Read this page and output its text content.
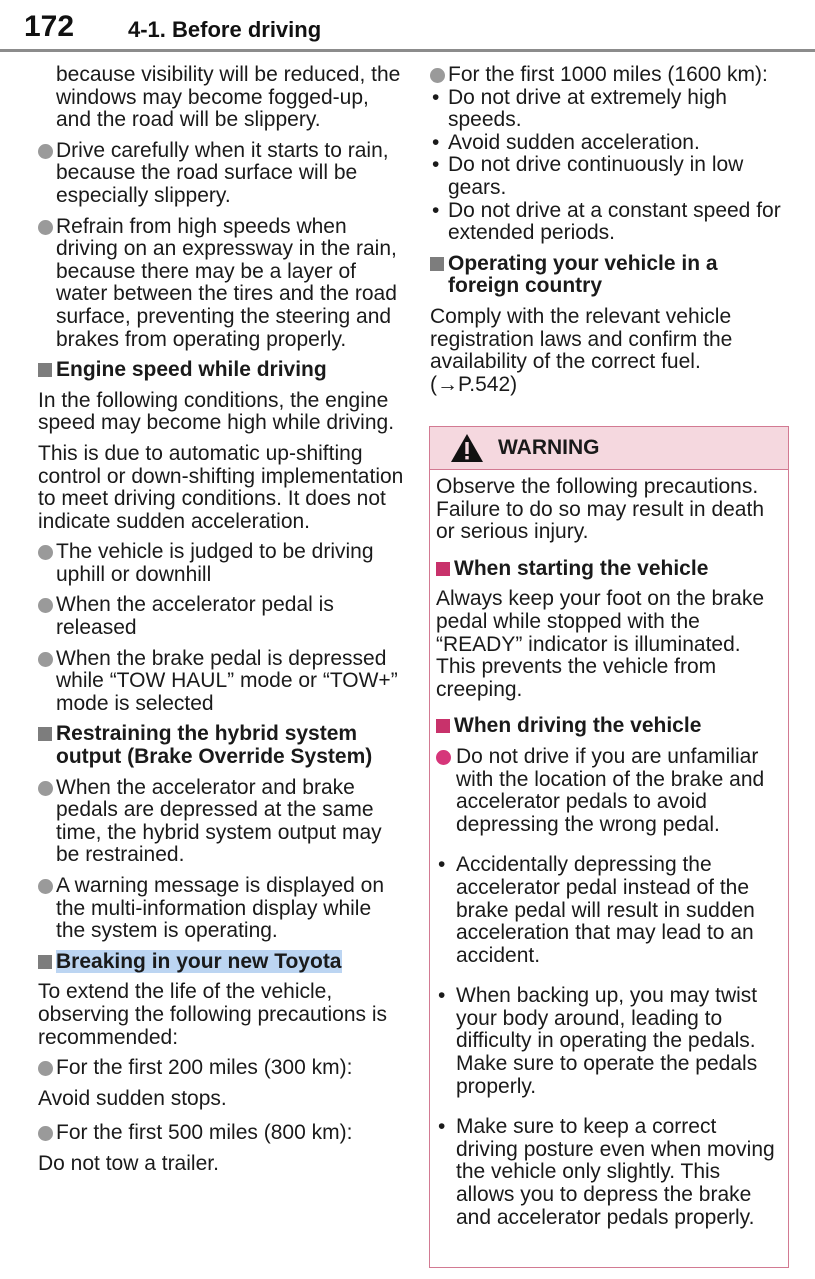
172 4-1. Before driving

because visibility will be reduced, the windows may become fogged-up, and the road will be slippery.

Drive carefully when it starts to rain, because the road surface will be especially slippery.

Refrain from high speeds when driving on an expressway in the rain, because there may be a layer of water between the tires and the road surface, preventing the steering and brakes from operating properly.

Engine speed while driving

In the following conditions, the engine speed may become high while driving.

This is due to automatic up-shifting control or down-shifting implementation to meet driving conditions. It does not indicate sudden acceleration.

The vehicle is judged to be driving uphill or downhill

When the accelerator pedal is released

When the brake pedal is depressed while “TOW HAUL” mode or “TOW+” mode is selected

Restraining the hybrid system output (Brake Override System)

When the accelerator and brake pedals are depressed at the same time, the hybrid system output may be restrained.

A warning message is displayed on the multi-information display while the system is operating.

Breaking in your new Toyota

To extend the life of the vehicle, observing the following precautions is recommended:

For the first 200 miles (300 km):

Avoid sudden stops.

For the first 500 miles (800 km):

Do not tow a trailer.

For the first 1000 miles (1600 km):

• Do not drive at extremely high speeds.
• Avoid sudden acceleration.
• Do not drive continuously in low gears.
• Do not drive at a constant speed for extended periods.

Operating your vehicle in a foreign country

Comply with the relevant vehicle registration laws and confirm the availability of the correct fuel. (→P.542)

WARNING

Observe the following precautions.

Failure to do so may result in death or serious injury.

When starting the vehicle

Always keep your foot on the brake pedal while stopped with the “READY” indicator is illuminated. This prevents the vehicle from creeping.

When driving the vehicle

Do not drive if you are unfamiliar with the location of the brake and accelerator pedals to avoid depressing the wrong pedal.

• Accidentally depressing the accelerator pedal instead of the brake pedal will result in sudden acceleration that may lead to an accident.

• When backing up, you may twist your body around, leading to difficulty in operating the pedals. Make sure to operate the pedals properly.

• Make sure to keep a correct driving posture even when moving the vehicle only slightly. This allows you to depress the brake and accelerator pedals properly.
